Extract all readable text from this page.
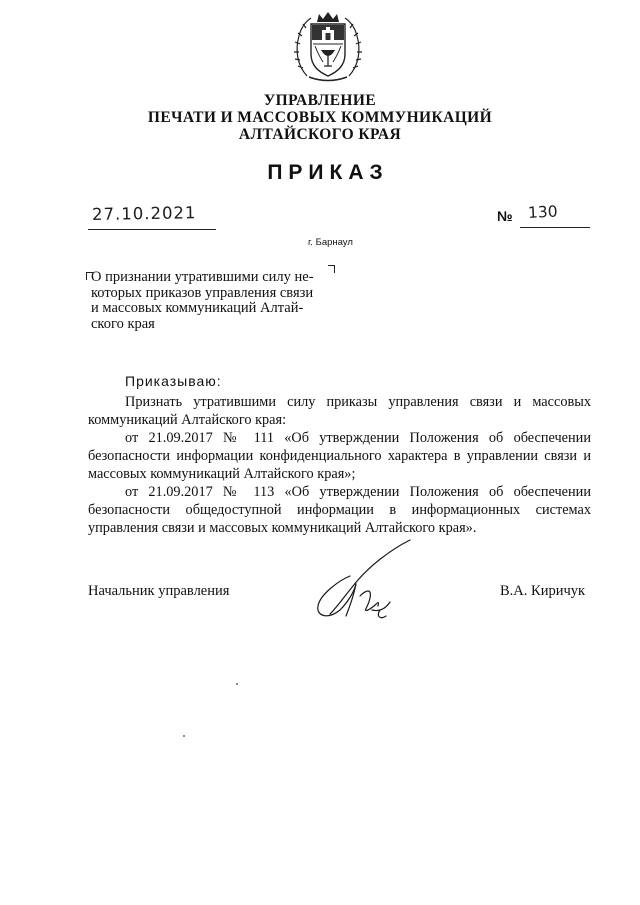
УПРАВЛЕНИЕ
ПЕЧАТИ И МАССОВЫХ КОММУНИКАЦИЙ
АЛТАЙСКОГО КРАЯ
ПРИКАЗ
27.10.2021	№ 130
г. Барнаул
О признании утратившими силу не-
которых приказов управления связи
и массовых коммуникаций Алтай-
ского края
Приказываю:

Признать утратившими силу приказы управления связи и массовых коммуникаций Алтайского края:

от 21.09.2017 № 111 «Об утверждении Положения об обеспечении безопасности информации конфиденциального характера в управлении связи и массовых коммуникаций Алтайского края»;

от 21.09.2017 № 113 «Об утверждении Положения об обеспечении безопасности общедоступной информации в информационных системах управления связи и массовых коммуникаций Алтайского края».

Начальник управления	В.А. Киричук
